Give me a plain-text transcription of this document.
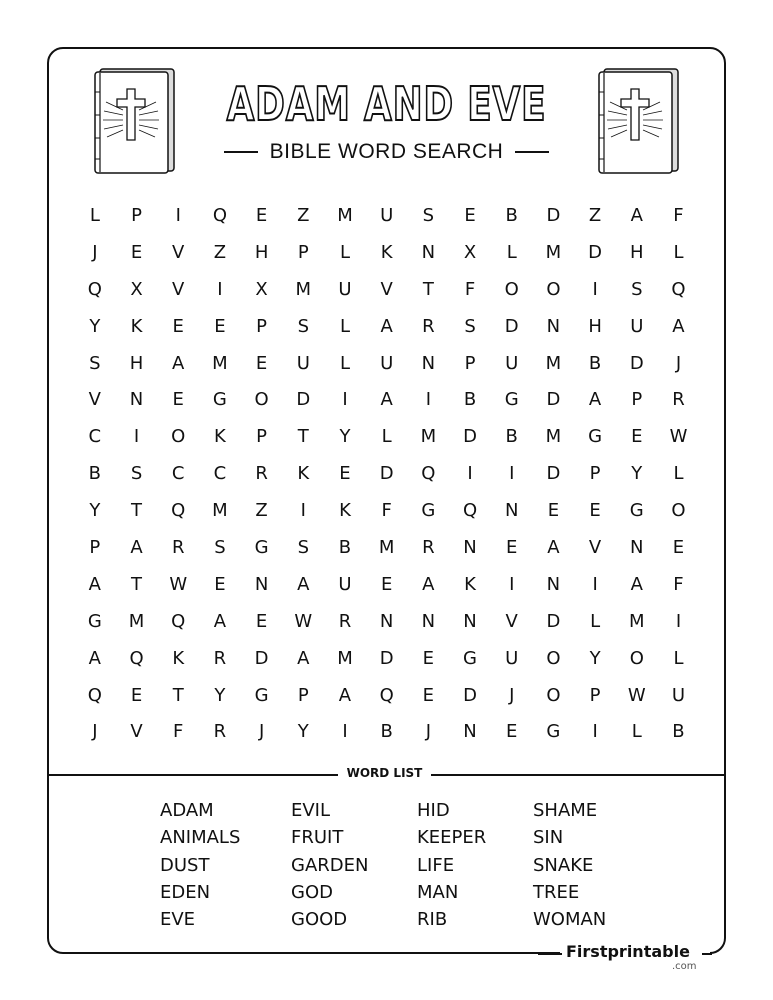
ADAM AND EVE
BIBLE WORD SEARCH
L	P	I	Q	E	Z	M	U	S	E	B	D	Z	A	F
J	E	V	Z	H	P	L	K	N	X	L	M	D	H	L
Q	X	V	I	X	M	U	V	T	F	O	O	I	S	Q
Y	K	E	E	P	S	L	A	R	S	D	N	H	U	A
S	H	A	M	E	U	L	U	N	P	U	M	B	D	J
V	N	E	G	O	D	I	A	I	B	G	D	A	P	R
C	I	O	K	P	T	Y	L	M	D	B	M	G	E	W
B	S	C	C	R	K	E	D	Q	I	I	D	P	Y	L
Y	T	Q	M	Z	I	K	F	G	Q	N	E	E	G	O
P	A	R	S	G	S	B	M	R	N	E	A	V	N	E
A	T	W	E	N	A	U	E	A	K	I	N	I	A	F
G	M	Q	A	E	W	R	N	N	N	V	D	L	M	I
A	Q	K	R	D	A	M	D	E	G	U	O	Y	O	L
Q	E	T	Y	G	P	A	Q	E	D	J	O	P	W	U
J	V	F	R	J	Y	I	B	J	N	E	G	I	L	B
WORD LIST
ADAM	EVIL	HID	SHAME
ANIMALS	FRUIT	KEEPER	SIN
DUST	GARDEN	LIFE	SNAKE
EDEN	GOD	MAN	TREE
EVE	GOOD	RIB	WOMAN
Firstprintable
.com
